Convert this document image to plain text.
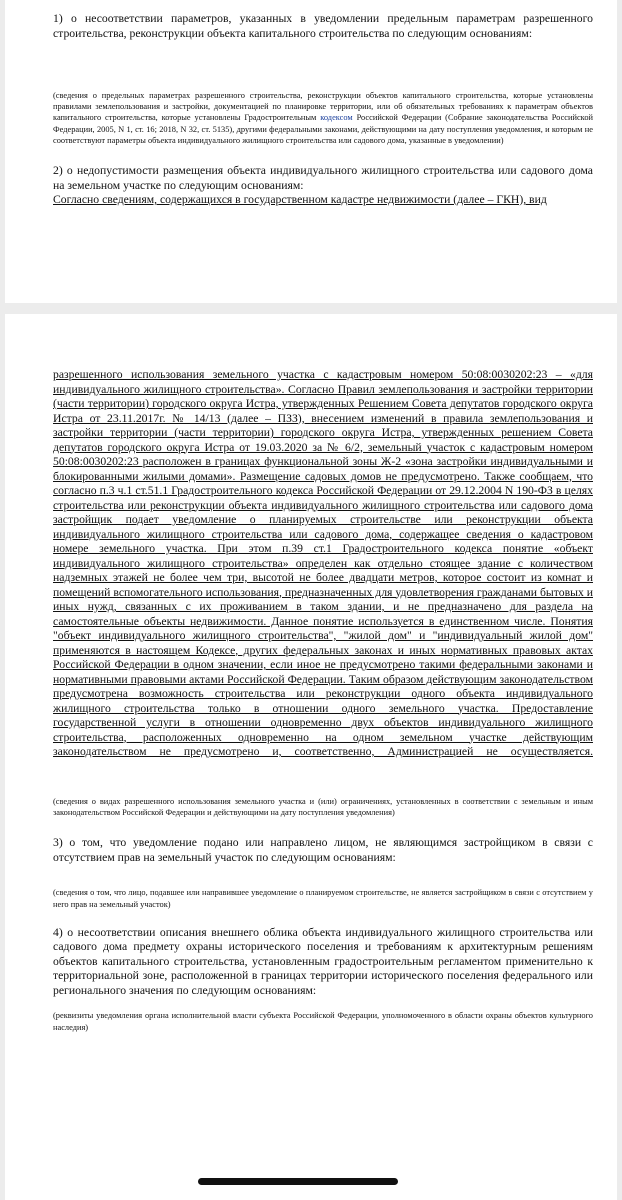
1) о несоответствии параметров, указанных в уведомлении предельным параметрам разрешенного строительства, реконструкции объекта капитального строительства по следующим основаниям:

(сведения о предельных параметрах разрешенного строительства, реконструкции объектов капитального строительства, которые установлены правилами землепользования и застройки, документацией по планировке территории, или об обязательных требованиях к параметрам объектов капитального строительства, которые установлены Градостроительным кодексом Российской Федерации (Собрание законодательства Российской Федерации, 2005, N 1, ст. 16; 2018, N 32, ст. 5135), другими федеральными законами, действующими на дату поступления уведомления, и которым не соответствуют параметры объекта индивидуального жилищного строительства или садового дома, указанные в уведомлении)

2) о недопустимости размещения объекта индивидуального жилищного строительства или садового дома на земельном участке по следующим основаниям:

Согласно сведениям, содержащихся в государственном кадастре недвижимости (далее – ГКН), вид

разрешенного использования земельного участка с кадастровым номером 50:08:0030202:23 – «для индивидуального жилищного строительства». Согласно Правил землепользования и застройки территории (части территории) городского округа Истра, утвержденных Решением Совета депутатов городского округа Истра от 23.11.2017г. № 14/13 (далее – ПЗЗ), внесением изменений в правила землепользования и застройки территории (части территории) городского округа Истра, утвержденных решением Совета депутатов городского округа Истра от 19.03.2020 за № 6/2, земельный участок с кадастровым номером 50:08:0030202:23 расположен в границах функциональной зоны Ж-2 «зона застройки индивидуальными и блокированными жилыми домами». Размещение садовых домов не предусмотрено. Также сообщаем, что согласно п.3 ч.1 ст.51.1 Градостроительного кодекса Российской Федерации от 29.12.2004 N 190-ФЗ в целях строительства или реконструкции объекта индивидуального жилищного строительства или садового дома застройщик подает уведомление о планируемых строительстве или реконструкции объекта индивидуального жилищного строительства или садового дома, содержащее сведения о кадастровом номере земельного участка. При этом п.39 ст.1 Градостроительного кодекса понятие «объект индивидуального жилищного строительства» определен как отдельно стоящее здание с количеством надземных этажей не более чем три, высотой не более двадцати метров, которое состоит из комнат и помещений вспомогательного использования, предназначенных для удовлетворения гражданами бытовых и иных нужд, связанных с их проживанием в таком здании, и не предназначено для раздела на самостоятельные объекты недвижимости. Данное понятие используется в единственном числе. Понятия "объект индивидуального жилищного строительства", "жилой дом" и "индивидуальный жилой дом" применяются в настоящем Кодексе, других федеральных законах и иных нормативных правовых актах Российской Федерации в одном значении, если иное не предусмотрено такими федеральными законами и нормативными правовыми актами Российской Федерации. Таким образом действующим законодательством предусмотрена возможность строительства или реконструкции одного объекта индивидуального жилищного строительства только в отношении одного земельного участка. Предоставление государственной услуги в отношении одновременно двух объектов индивидуального жилищного строительства, расположенных одновременно на одном земельном участке действующим законодательством не предусмотрено и, соответственно, Администрацией не осуществляется.

(сведения о видах разрешенного использования земельного участка и (или) ограничениях, установленных в соответствии с земельным и иным законодательством Российской Федерации и действующими на дату поступления уведомления)

3) о том, что уведомление подано или направлено лицом, не являющимся застройщиком в связи с отсутствием прав на земельный участок по следующим основаниям:

(сведения о том, что лицо, подавшее или направившее уведомление о планируемом строительстве, не является застройщиком в связи с отсутствием у него прав на земельный участок)

4) о несоответствии описания внешнего облика объекта индивидуального жилищного строительства или садового дома предмету охраны исторического поселения и требованиям к архитектурным решениям объектов капитального строительства, установленным градостроительным регламентом применительно к территориальной зоне, расположенной в границах территории исторического поселения федерального или регионального значения по следующим основаниям:

(реквизиты уведомления органа исполнительной власти субъекта Российской Федерации, уполномоченного в области охраны объектов культурного наследия)
